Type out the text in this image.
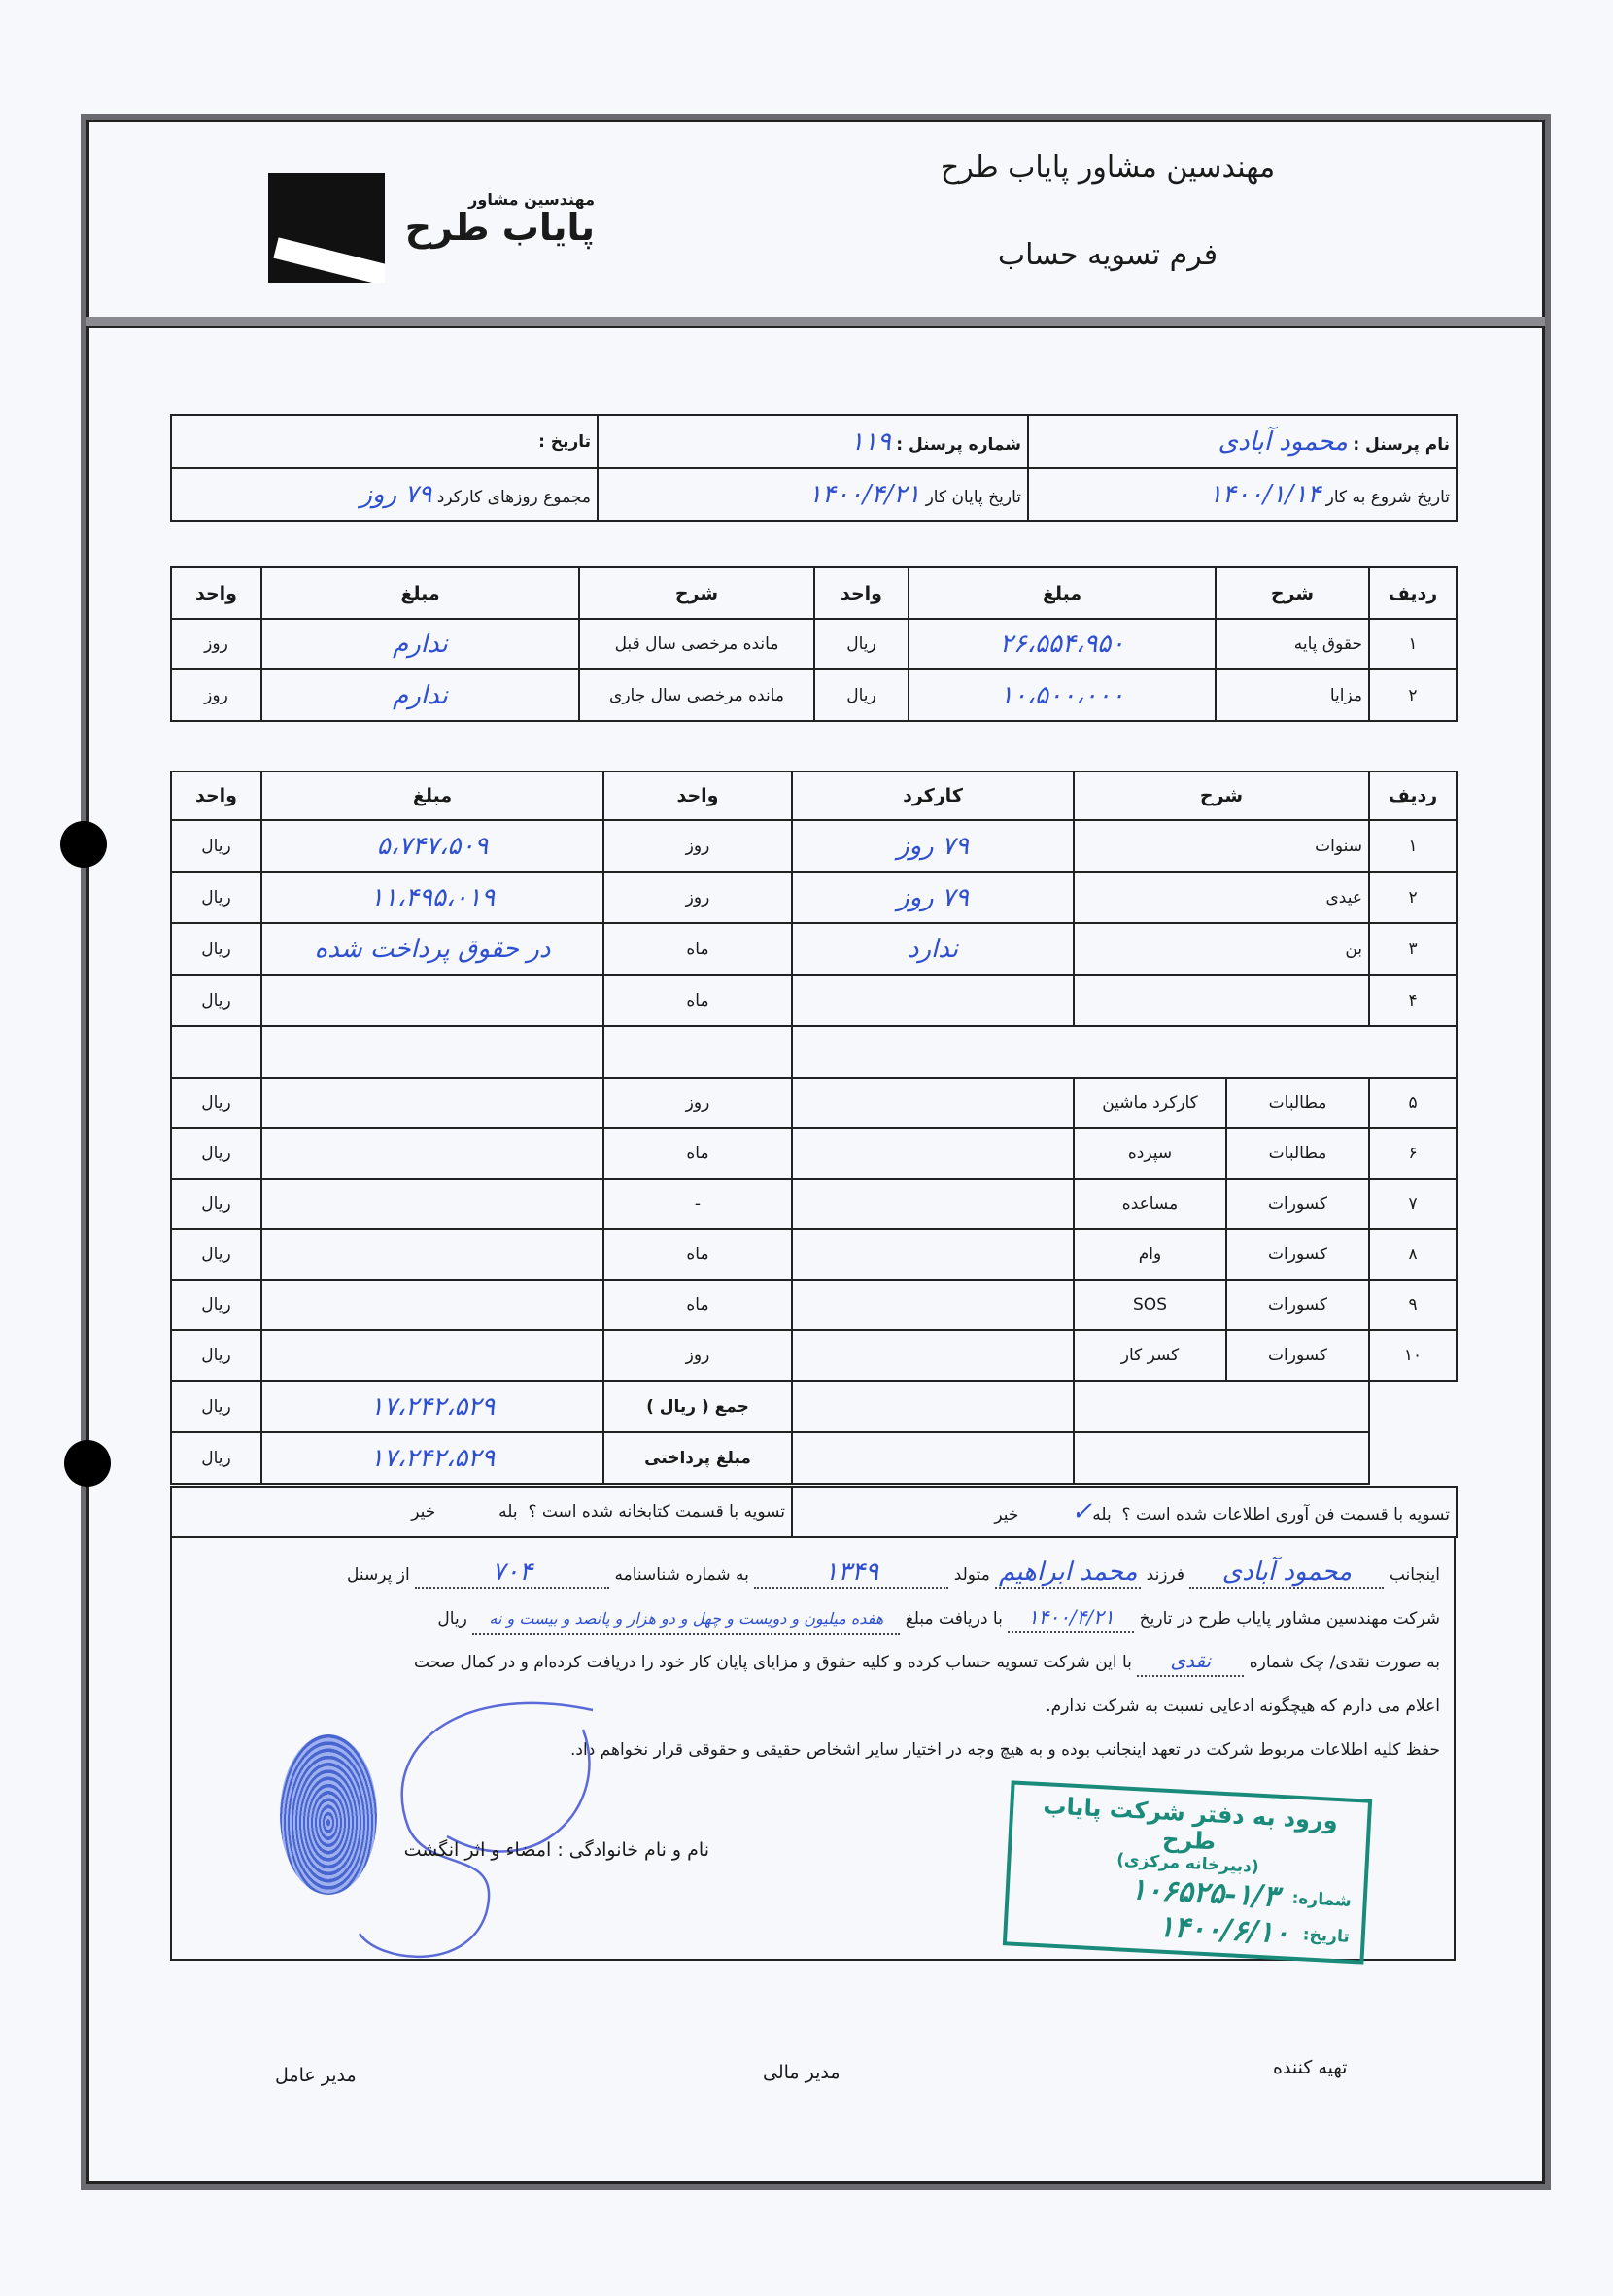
مهندسین مشاور
پایاب طرح
مهندسین مشاور پایاب طرح
فرم تسویه حساب
نام پرسنل : محمود آبادی	شماره پرسنل : ۱۱۹	تاریخ :
تاریخ شروع به کار ۱۴۰۰/۱/۱۴	تاریخ پایان کار ۱۴۰۰/۴/۲۱	مجموع روزهای کارکرد ۷۹ روز
ردیف	شرح	مبلغ	واحد	شرح	مبلغ	واحد
۱	حقوق پایه	۲۶،۵۵۴،۹۵۰	ریال	مانده مرخصی سال قبل	ندارم	روز
۲	مزایا	۱۰،۵۰۰،۰۰۰	ریال	مانده مرخصی سال جاری	ندارم	روز
ردیف	شرح		کارکرد	واحد	مبلغ	واحد
۱	سنوات		۷۹ روز	روز	۵،۷۴۷،۵۰۹	ریال
۲	عیدی		۷۹ روز	روز	۱۱،۴۹۵،۰۱۹	ریال
۳	بن		ندارد	ماه	در حقوق پرداخت شده	ریال
۴				ماه		ریال

۵	مطالبات	کارکرد ماشین		روز		ریال
۶	مطالبات	سپرده		ماه		ریال
۷	کسورات	مساعده		-		ریال
۸	کسورات	وام		ماه		ریال
۹	کسورات	SOS		ماه		ریال
۱۰	کسورات	کسر کار		روز		ریال
				جمع ( ریال )	۱۷،۲۴۲،۵۲۹	ریال
				مبلغ پرداختی	۱۷،۲۴۲،۵۲۹	ریال
تسویه با قسمت فن آوری اطلاعات شده است ؟  بله✓          خیر	تسویه با قسمت کتابخانه شده است ؟  بله            خیر

اینجانب محمود آبادی فرزند محمد ابراهیم متولد ۱۳۴۹ به شماره شناسنامه ۷۰۴ از پرسنل

شرکت مهندسین مشاور پایاب طرح در تاریخ ۱۴۰۰/۴/۲۱ با دریافت مبلغ هفده میلیون و دویست و چهل و دو هزار و پانصد و بیست و نه ریال

به صورت نقدی/ چک شماره نقدی با این شرکت تسویه حساب کرده و کلیه حقوق و مزایای پایان کار خود را دریافت کرده‌ام و در کمال صحت

اعلام می دارم که هیچگونه ادعایی نسبت به شرکت ندارم.

حفظ کلیه اطلاعات مربوط شرکت در تعهد اینجانب بوده و به هیچ وجه در اختیار سایر اشخاص حقیقی و حقوقی قرار نخواهم داد.

نام و نام خانوادگی : امضاء و اثر انگشت
ورود به دفتر شرکت پایاب طرح
(دبیرخانه مرکزی)
شماره:
۱۰۶۵۲۵-۱/۳
تاریخ:
۱۴۰۰/۶/۱۰
تهیه کننده
مدیر مالی
مدیر عامل
